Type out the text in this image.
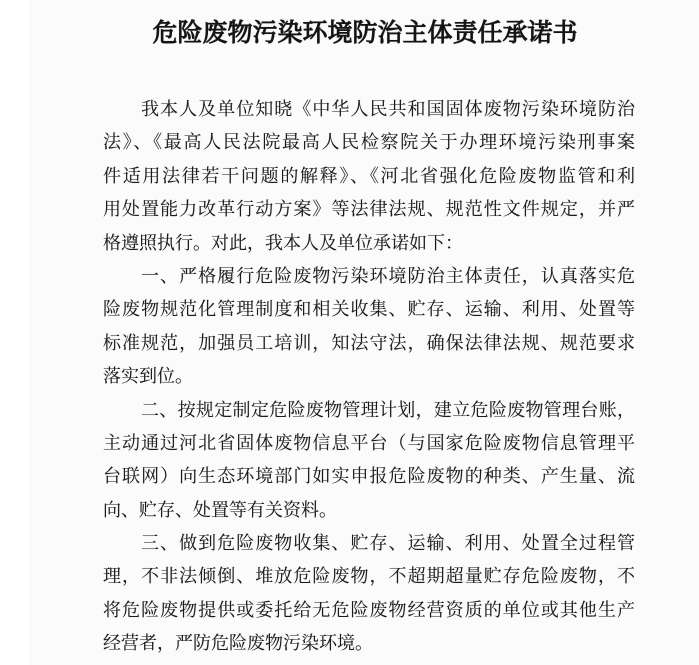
危险废物污染环境防治主体责任承诺书
我本人及单位知晓《中华人民共和国固体废物污染环境防治
法》、《最高人民法院最高人民检察院关于办理环境污染刑事案
件适用法律若干问题的解释》、《河北省强化危险废物监管和利
用处置能力改革行动方案》等法律法规、规范性文件规定，并严
格遵照执行。对此，我本人及单位承诺如下：
一、严格履行危险废物污染环境防治主体责任，认真落实危
险废物规范化管理制度和相关收集、贮存、运输、利用、处置等
标准规范，加强员工培训，知法守法，确保法律法规、规范要求
落实到位。
二、按规定制定危险废物管理计划，建立危险废物管理台账，
主动通过河北省固体废物信息平台（与国家危险废物信息管理平
台联网）向生态环境部门如实申报危险废物的种类、产生量、流
向、贮存、处置等有关资料。
三、做到危险废物收集、贮存、运输、利用、处置全过程管
理，不非法倾倒、堆放危险废物，不超期超量贮存危险废物，不
将危险废物提供或委托给无危险废物经营资质的单位或其他生产
经营者，严防危险废物污染环境。
